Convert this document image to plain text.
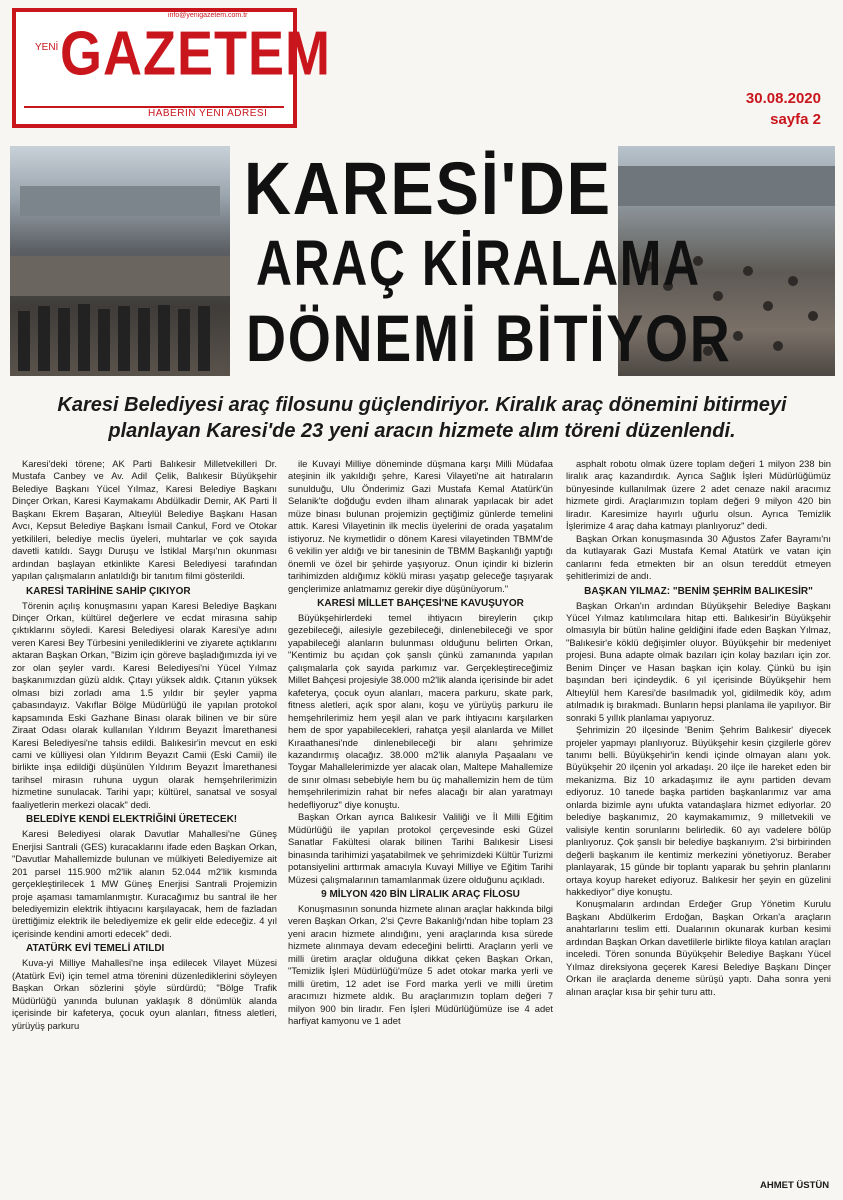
info@yenigazetem.com.tr
YENİ GAZETEM
HABERİN YENİ ADRESİ
30.08.2020
sayfa 2
KARESİ'DE
ARAÇ KİRALAMA
DÖNEMİ BİTİYOR
Karesi Belediyesi araç filosunu güçlendiriyor. Kiralık araç dönemini bitirmeyi planlayan Karesi'de 23 yeni aracın hizmete alım töreni düzenlendi.

Karesi'deki törene; AK Parti Balıkesir Milletvekilleri Dr. Mustafa Canbey ve Av. Adil Çelik, Balıkesir Büyükşehir Belediye Başkanı Yücel Yılmaz, Karesi Belediye Başkanı Dinçer Orkan, Karesi Kaymakamı Abdülkadir Demir, AK Parti İl Başkanı Ekrem Başaran, Altıeylül Belediye Başkanı Hasan Avcı, Kepsut Belediye Başkanı İsmail Cankul, Ford ve Otokar yetkilileri, belediye meclis üyeleri, muhtarlar ve çok sayıda davetli katıldı. Saygı Duruşu ve İstiklal Marşı'nın okunması ardından başlayan etkinlikte Karesi Belediyesi tarafından yapılan çalışmaların anlatıldığı bir tanıtım filmi gösterildi.

KARESİ TARİHİNE SAHİP ÇIKIYOR

Törenin açılış konuşmasını yapan Karesi Belediye Başkanı Dinçer Orkan, kültürel değerlere ve ecdat mirasına sahip çıktıklarını söyledi. Karesi Belediyesi olarak Karesi'ye adını veren Karesi Bey Türbesini yenilediklerini ve ziyarete açtıklarını aktaran Başkan Orkan, "Bizim için göreve başladığımızda iyi ve zor olan şeyler vardı. Karesi Belediyesi'ni Yücel Yılmaz başkanımızdan güzü aldık. Çıtayı yüksek aldık. Çıtanın yüksek olması bizi zorladı ama 1.5 yıldır bir şeyler yapma çabasındayız. Vakıflar Bölge Müdürlüğü ile yapılan protokol kapsamında Eski Gazhane Binası olarak bilinen ve bir süre Ziraat Odası olarak kullanılan Yıldırım Beyazıt İmarethanesi Karesi Belediyesi'ne tahsis edildi. Balıkesir'in mevcut en eski cami ve külliyesi olan Yıldırım Beyazıt Camii (Eski Camii) ile birlikte inşa edildiği düşünülen Yıldırım Beyazıt İmarethanesi tarihsel mirasın ruhuna uygun olarak hemşehrilerimizin hizmetine sunulacak. Tarihi yapı; kültürel, sanatsal ve sosyal faaliyetlerin merkezi olacak" dedi.

BELEDİYE KENDİ ELEKTRİĞİNİ ÜRETECEK!

Karesi Belediyesi olarak Davutlar Mahallesi'ne Güneş Enerjisi Santrali (GES) kuracaklarını ifade eden Başkan Orkan, "Davutlar Mahallemizde bulunan ve mülkiyeti Belediyemize ait 201 parsel 115.900 m2'lik alanın 52.044 m2'lik kısmında gerçekleştirilecek 1 MW Güneş Enerjisi Santrali Projemizin proje aşaması tamamlanmıştır. Kuracağımız bu santral ile her belediyemizin elektrik ihtiyacını karşılayacak, hem de fazladan ürettiğimiz elektrik ile belediyemize ek gelir elde edeceğiz. 4 yıl içerisinde kendini amorti edecek" dedi.

ATATÜRK EVİ TEMELİ ATILDI

Kuva-yi Milliye Mahallesi'ne inşa edilecek Vilayet Müzesi (Atatürk Evi) için temel atma törenini düzenlediklerini söyleyen Başkan Orkan sözlerini şöyle sürdürdü; "Bölge Trafik Müdürlüğü yanında bulunan yaklaşık 8 dönümlük alanda içerisinde bir kafeterya, çocuk oyun alanları, fitness aletleri, yürüyüş parkuru

ile Kuvayi Milliye döneminde düşmana karşı Milli Müdafaa ateşinin ilk yakıldığı şehre, Karesi Vilayeti'ne ait hatıraların sunulduğu, Ulu Önderimiz Gazi Mustafa Kemal Atatürk'ün Selanik'te doğduğu evden ilham alınarak yapılacak bir adet müze binası bulunan projemizin geçtiğimiz günlerde temelini attık. Karesi Vilayetinin ilk meclis üyelerini de orada yaşatalım istiyoruz. Ne kıymetlidir o dönem Karesi vilayetinden TBMM'de 6 vekilin yer aldığı ve bir tanesinin de TBMM Başkanlığı yaptığı önemli ve özel bir şehirde yaşıyoruz. Onun içindir ki bizlerin tarihimizden aldığımız köklü mirası yaşatıp geleceğe taşıyarak gençlerimize anlatmamız gerekir diye düşünüyorum."

KARESİ MİLLET BAHÇESİ'NE KAVUŞUYOR

Büyükşehirlerdeki temel ihtiyacın bireylerin çıkıp gezebileceği, ailesiyle gezebileceği, dinlenebileceği ve spor yapabileceği alanların bulunması olduğunu belirten Orkan, "Kentimiz bu açıdan çok şanslı çünkü zamanında yapılan çalışmalarla çok sayıda parkımız var. Gerçekleştireceğimiz Millet Bahçesi projesiyle 38.000 m2'lik alanda içerisinde bir adet kafeterya, çocuk oyun alanları, macera parkuru, skate park, fitness aletleri, açık spor alanı, koşu ve yürüyüş parkuru ile hemşehrilerimiz hem yeşil alan ve park ihtiyacını karşılarken hem de spor yapabilecekleri, rahatça yeşil alanlarda ve Millet Kıraathanesi'nde dinlenebileceği bir alanı şehrimize kazandırmış olacağız. 38.000 m2'lik alanıyla Paşaalanı ve Toygar Mahallelerimizde yer alacak olan, Maltepe Mahallemize de sınır olması sebebiyle hem bu üç mahallemizin hem de tüm hemşehrilerimizin rahat bir nefes alacağı bir alan yaratmayı hedefliyoruz" diye konuştu.

Başkan Orkan ayrıca Balıkesir Valiliği ve İl Milli Eğitim Müdürlüğü ile yapılan protokol çerçevesinde eski Güzel Sanatlar Fakültesi olarak bilinen Tarihi Balıkesir Lisesi binasında tarihimizi yaşatabilmek ve şehrimizdeki Kültür Turizmi potansiyelini arttırmak amacıyla Kuvayi Milliye ve Eğitim Tarihi Müzesi çalışmalarının tamamlanmak üzere olduğunu açıkladı.

9 MİLYON 420 BİN LİRALIK ARAÇ FİLOSU

Konuşmasının sonunda hizmete alınan araçlar hakkında bilgi veren Başkan Orkan, 2'si Çevre Bakanlığı'ndan hibe toplam 23 yeni aracın hizmete alındığını, yeni araçlarında kısa sürede hizmete alınmaya devam edeceğini belirtti. Araçların yerli ve milli üretim araçlar olduğuna dikkat çeken Başkan Orkan, "Temizlik İşleri Müdürlüğü'müze 5 adet otokar marka yerli ve milli üretim, 12 adet ise Ford marka yerli ve milli üretim aracımızı hizmete aldık. Bu araçlarımızın toplam değeri 7 milyon 900 bin liradır. Fen İşleri Müdürlüğümüze ise 4 adet harfiyat kamyonu ve 1 adet

asphalt robotu olmak üzere toplam değeri 1 milyon 238 bin liralık araç kazandırdık. Ayrıca Sağlık İşleri Müdürlüğümüz bünyesinde kullanılmak üzere 2 adet cenaze nakil aracımız hizmete girdi. Araçlarımızın toplam değeri 9 milyon 420 bin liradır. Karesimize hayırlı uğurlu olsun. Ayrıca Temizlik İşlerimize 4 araç daha katmayı planlıyoruz" dedi.

Başkan Orkan konuşmasında 30 Ağustos Zafer Bayramı'nı da kutlayarak Gazi Mustafa Kemal Atatürk ve vatan için canlarını feda etmekten bir an olsun tereddüt etmeyen şehitlerimizi de andı.

BAŞKAN YILMAZ: "BENİM ŞEHRİM BALIKESİR"

Başkan Orkan'ın ardından Büyükşehir Belediye Başkanı Yücel Yılmaz katılımcılara hitap etti. Balıkesir'in Büyükşehir olmasıyla bir bütün haline geldiğini ifade eden Başkan Yılmaz, "Balıkesir'e köklü değişimler oluyor. Büyükşehir bir medeniyet projesi. Buna adapte olmak bazıları için kolay bazıları için zor. Benim Dinçer ve Hasan başkan için kolay. Çünkü bu işin başından beri içindeydik. 6 yıl içerisinde Büyükşehir hem Altıeylül hem Karesi'de basılmadık yol, gidilmedik köy, adım atılmadık iş bırakmadı. Bunların hepsi planlama ile yapılıyor. Bir sonraki 5 yıllık planlamaı yapıyoruz.

Şehrimizin 20 ilçesinde 'Benim Şehrim Balıkesir' diyecek projeler yapmayı planlıyoruz. Büyükşehir kesin çizgilerle görev tanımı belli. Büyükşehir'in kendi içinde olmayan alanı yok. Büyükşehir 20 ilçenin yol arkadaşı. 20 ilçe ile hareket eden bir mekanizma. Biz 10 arkadaşımız ile aynı partiden devam ediyoruz. 10 tanede başka partiden başkanlarımız var ama onlarda bizimle aynı ufukta vatandaşlara hizmet ediyorlar. 20 belediye başkanımız, 20 kaymakamımız, 9 milletvekili ve valisiyle kentin sorunlarını belirledik. 60 ayı vadelere bölüp planlıyoruz. Çok şanslı bir belediye başkanıyım. 2'si birbirinden değerli başkanım ile kentimiz merkezini yönetiyoruz. Beraber planlayarak, 15 günde bir toplantı yaparak bu şehrin planlarını ortaya koyup hareket ediyoruz. Balıkesir her şeyin en güzelini hakkediyor" diye konuştu.

Konuşmaların ardından Erdeğer Grup Yönetim Kurulu Başkanı Abdülkerim Erdoğan, Başkan Orkan'a araçların anahtarlarını teslim etti. Dualarının okunarak kurban kesimi ardından Başkan Orkan davetlilerle birlikte filoya katılan araçları inceledi. Tören sonunda Büyükşehir Belediye Başkanı Yücel Yılmaz direksiyona geçerek Karesi Belediye Başkanı Dinçer Orkan ile araçlarda deneme sürüşü yaptı. Daha sonra yeni alınan araçlar kısa bir şehir turu attı.

AHMET ÜSTÜN
